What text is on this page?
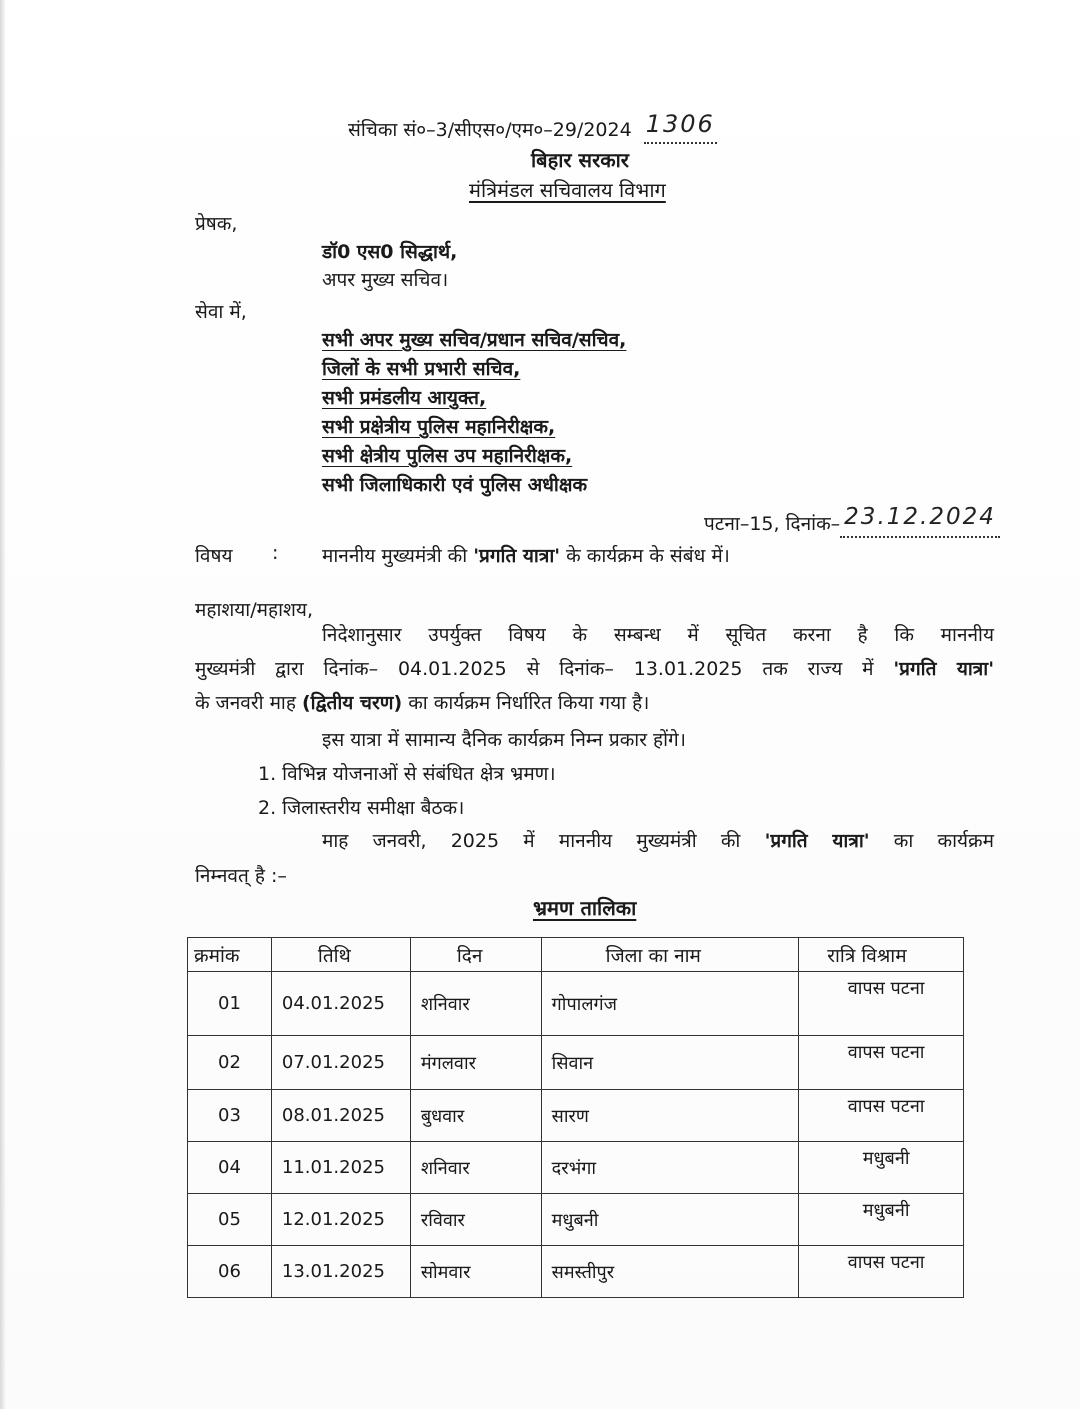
संचिका सं०–3/सीएस०/एम०–29/2024 1306
बिहार सरकार
मंत्रिमंडल सचिवालय विभाग
प्रेषक,
डॉ0 एस0 सिद्धार्थ,
अपर मुख्य सचिव।
सेवा में,
सभी अपर मुख्य सचिव/प्रधान सचिव/सचिव,
जिलों के सभी प्रभारी सचिव,
सभी प्रमंडलीय आयुक्त,
सभी प्रक्षेत्रीय पुलिस महानिरीक्षक,
सभी क्षेत्रीय पुलिस उप महानिरीक्षक,
सभी जिलाधिकारी एवं पुलिस अधीक्षक
पटना–15, दिनांक– 23.12.2024
विषय : माननीय मुख्यमंत्री की 'प्रगति यात्रा' के कार्यक्रम के संबंध में।
महाशया/महाशय,
निदेशानुसार उपर्युक्त विषय के सम्बन्ध में सूचित करना है कि माननीय
मुख्यमंत्री द्वारा दिनांक– 04.01.2025 से दिनांक– 13.01.2025 तक राज्य में 'प्रगति यात्रा'
के जनवरी माह (द्वितीय चरण) का कार्यक्रम निर्धारित किया गया है।
इस यात्रा में सामान्य दैनिक कार्यक्रम निम्न प्रकार होंगे।
1. विभिन्न योजनाओं से संबंधित क्षेत्र भ्रमण।
2. जिलास्तरीय समीक्षा बैठक।
माह जनवरी, 2025 में माननीय मुख्यमंत्री की 'प्रगति यात्रा' का कार्यक्रम
निम्नवत् है :–
भ्रमण तालिका
क्रमांक	तिथि	दिन	जिला का नाम	रात्रि विश्राम
01	04.01.2025	शनिवार	गोपालगंज	वापस पटना
02	07.01.2025	मंगलवार	सिवान	वापस पटना
03	08.01.2025	बुधवार	सारण	वापस पटना
04	11.01.2025	शनिवार	दरभंगा	मधुबनी
05	12.01.2025	रविवार	मधुबनी	मधुबनी
06	13.01.2025	सोमवार	समस्तीपुर	वापस पटना
